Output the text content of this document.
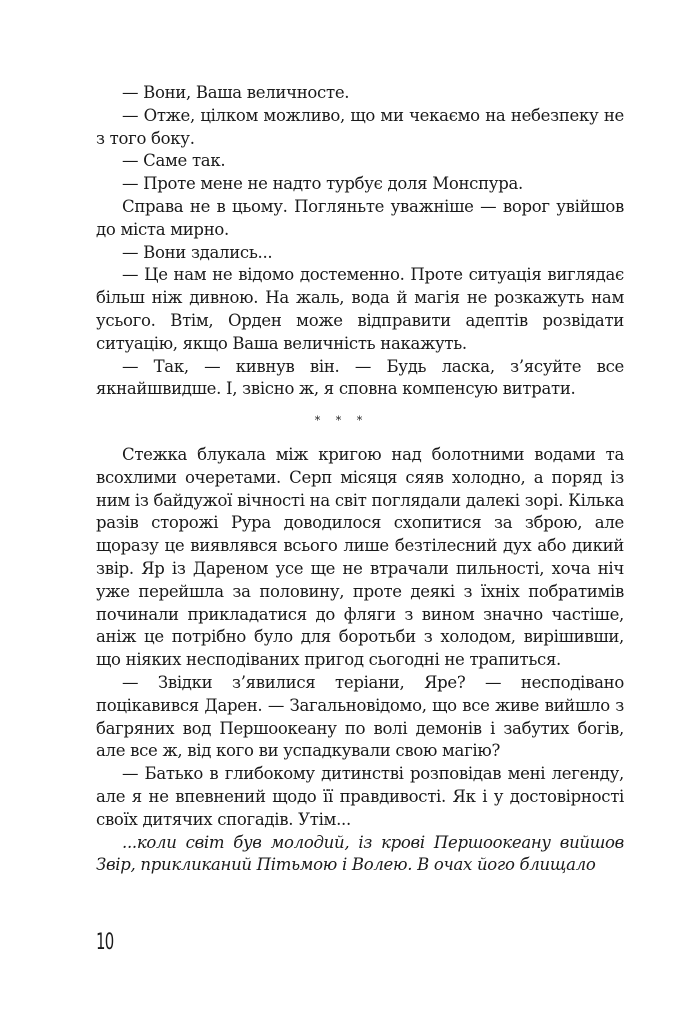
— Вони, Ваша величносте.

— Отже, цілком можливо, що ми чекаємо на небезпеку не з того боку.

— Саме так.

— Проте мене не надто турбує доля Монспура.

Справа не в цьому. Погляньте уважніше — ворог увійшов до міста мирно.

— Вони здались...

— Це нам не відомо достеменно. Проте ситуація виглядає більш ніж дивною. На жаль, вода й магія не розкажуть нам усього. Втім, Орден може відправити адептів розвідати ситуацію, якщо Ваша величність накажуть.

— Так, — кивнув він. — Будь ласка, з’ясуйте все якнайшвидше. І, звісно ж, я сповна компенсую витрати.

* * *

Стежка блукала між кригою над болотними водами та всохлими очеретами. Серп місяця сяяв холодно, а поряд із ним із байдужої вічності на світ поглядали далекі зорі. Кілька разів сторожі Рура доводилося схопитися за зброю, але щоразу це виявлявся всього лише безтілесний дух або дикий звір. Яр із Дареном усе ще не втрачали пильності, хоча ніч уже перейшла за половину, проте деякі з їхніх побратимів починали прикладатися до фляги з вином значно частіше, аніж це потрібно було для боротьби з холодом, вирішивши, що ніяких несподіваних пригод сьогодні не трапиться.

— Звідки з’явилися теріани, Яре? — несподівано поцікавився Дарен. — Загальновідомо, що все живе вийшло з багряних вод Першоокеану по волі демонів і забутих богів, але все ж, від кого ви успадкували свою магію?

— Батько в глибокому дитинстві розповідав мені легенду, але я не впевнений щодо її правдивості. Як і у достовірності своїх дитячих спогадів. Утім...

...коли світ був молодий, із крові Першоокеану вийшов Звір, прикликаний Пітьмою і Волею. В очах його блищало

10
